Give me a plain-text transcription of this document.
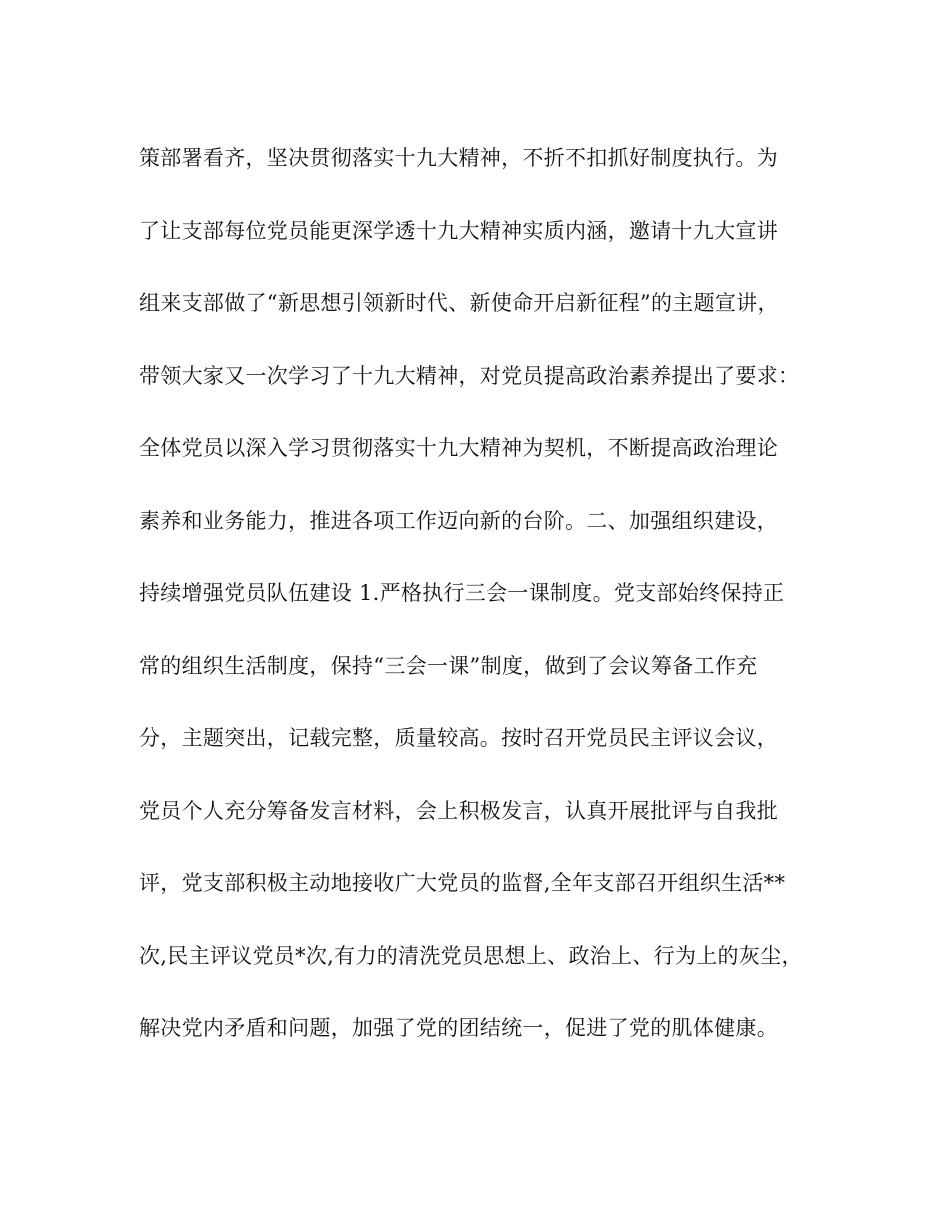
策部署看齐，坚决贯彻落实十九大精神，不折不扣抓好制度执行。为
了让支部每位党员能更深学透十九大精神实质内涵，邀请十九大宣讲
组来支部做了“新思想引领新时代、新使命开启新征程”的主题宣讲，
带领大家又一次学习了十九大精神，对党员提高政治素养提出了要求：
全体党员以深入学习贯彻落实十九大精神为契机，不断提高政治理论
素养和业务能力，推进各项工作迈向新的台阶。二、加强组织建设，
持续增强党员队伍建设 1.严格执行三会一课制度。党支部始终保持正
常的组织生活制度，保持“三会一课”制度，做到了会议筹备工作充
分，主题突出，记载完整，质量较高。按时召开党员民主评议会议，
党员个人充分筹备发言材料，会上积极发言，认真开展批评与自我批
评，党支部积极主动地接收广大党员的监督,全年支部召开组织生活**
次,民主评议党员*次,有力的清洗党员思想上、政治上、行为上的灰尘，
解决党内矛盾和问题，加强了党的团结统一，促进了党的肌体健康。
